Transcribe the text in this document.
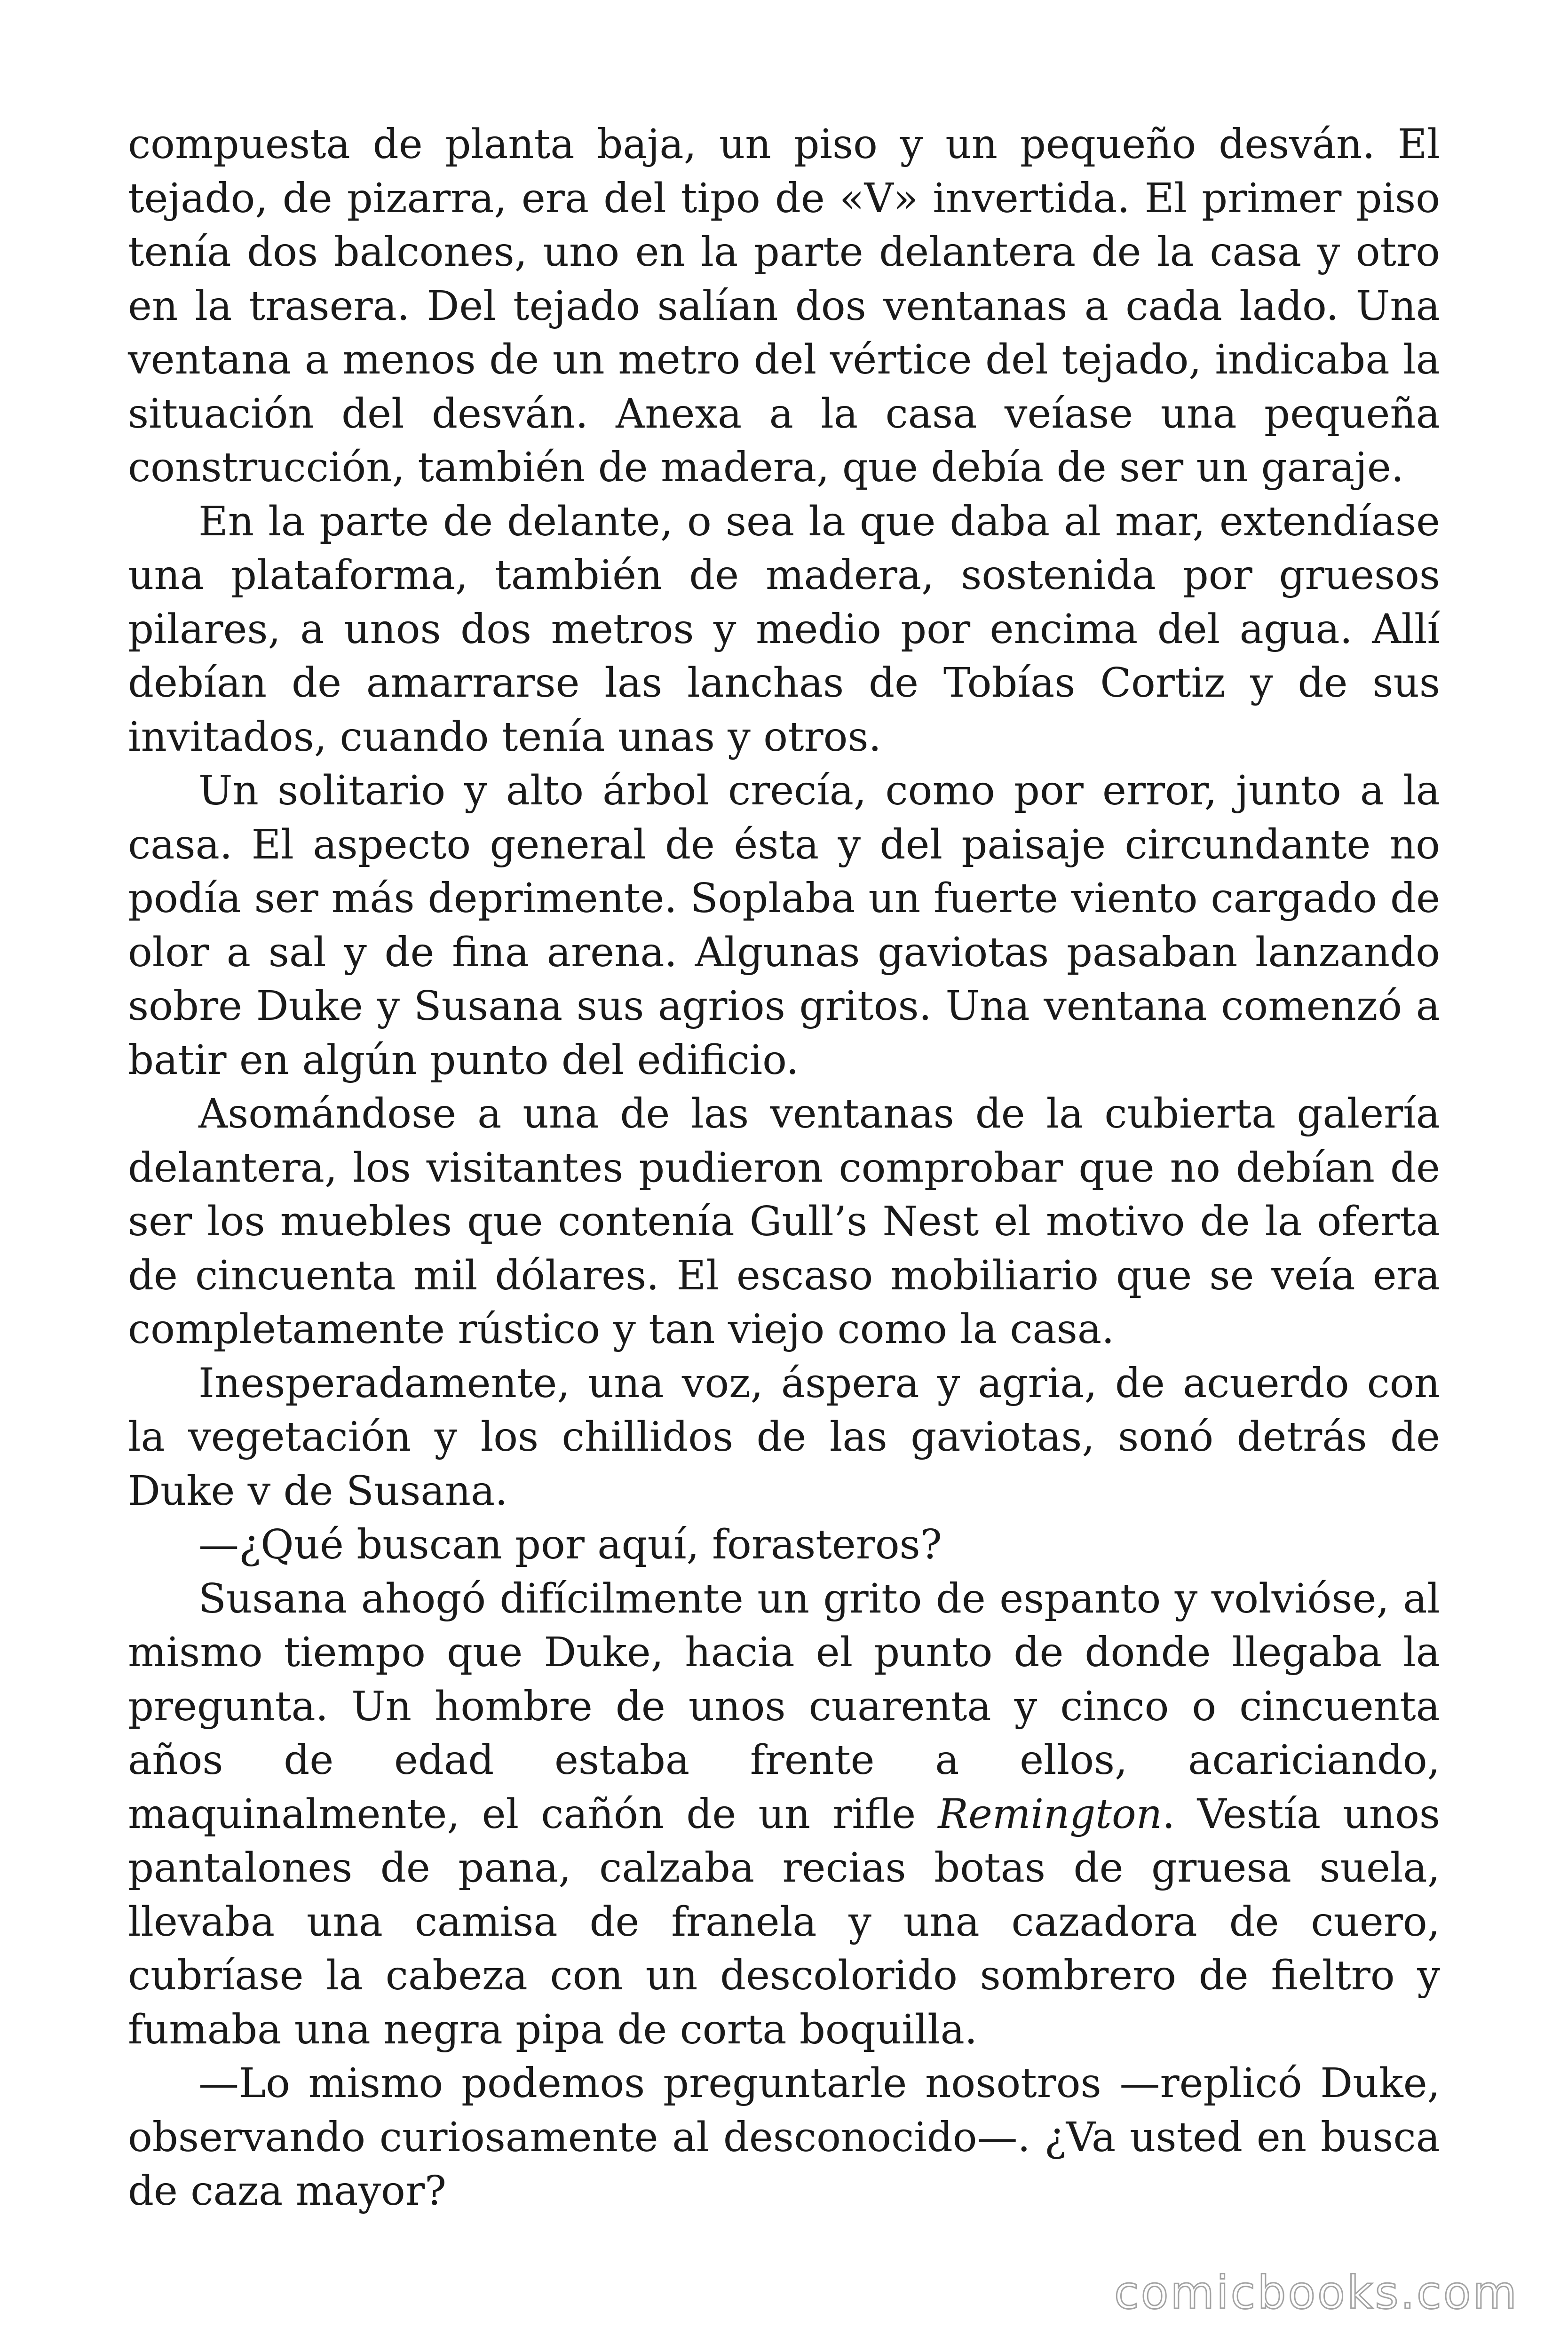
compuesta de planta baja, un piso y un pequeño desván. El tejado, de pizarra, era del tipo de «V» invertida. El primer piso tenía dos balcones, uno en la parte delantera de la casa y otro en la trasera. Del tejado salían dos ventanas a cada lado. Una ventana a menos de un metro del vértice del tejado, indicaba la situación del desván. Anexa a la casa veíase una pequeña construcción, también de madera, que debía de ser un garaje.

En la parte de delante, o sea la que daba al mar, extendíase una plataforma, también de madera, sostenida por gruesos pilares, a unos dos metros y medio por encima del agua. Allí debían de amarrarse las lanchas de Tobías Cortiz y de sus invitados, cuando tenía unas y otros.

Un solitario y alto árbol crecía, como por error, junto a la casa. El aspecto general de ésta y del paisaje circundante no podía ser más deprimente. Soplaba un fuerte viento cargado de olor a sal y de fina arena. Algunas gaviotas pasaban lanzando sobre Duke y Susana sus agrios gritos. Una ventana comenzó a batir en algún punto del edificio.

Asomándose a una de las ventanas de la cubierta galería delantera, los visitantes pudieron comprobar que no debían de ser los muebles que contenía Gull’s Nest el motivo de la oferta de cincuenta mil dólares. El escaso mobiliario que se veía era completamente rústico y tan viejo como la casa.

Inesperadamente, una voz, áspera y agria, de acuerdo con la vegetación y los chillidos de las gaviotas, sonó detrás de Duke v de Susana.

—¿Qué buscan por aquí, forasteros?

Susana ahogó difícilmente un grito de espanto y volvióse, al mismo tiempo que Duke, hacia el punto de donde llegaba la pregunta. Un hombre de unos cuarenta y cinco o cincuenta años de edad estaba frente a ellos, acariciando, maquinalmente, el cañón de un rifle Remington. Vestía unos pantalones de pana, calzaba recias botas de gruesa suela, llevaba una camisa de franela y una cazadora de cuero, cubríase la cabeza con un descolorido sombrero de fieltro y fumaba una negra pipa de corta boquilla.

—Lo mismo podemos preguntarle nosotros —replicó Duke, observando curiosamente al desconocido—. ¿Va usted en busca de caza mayor?

comicbooks.com
